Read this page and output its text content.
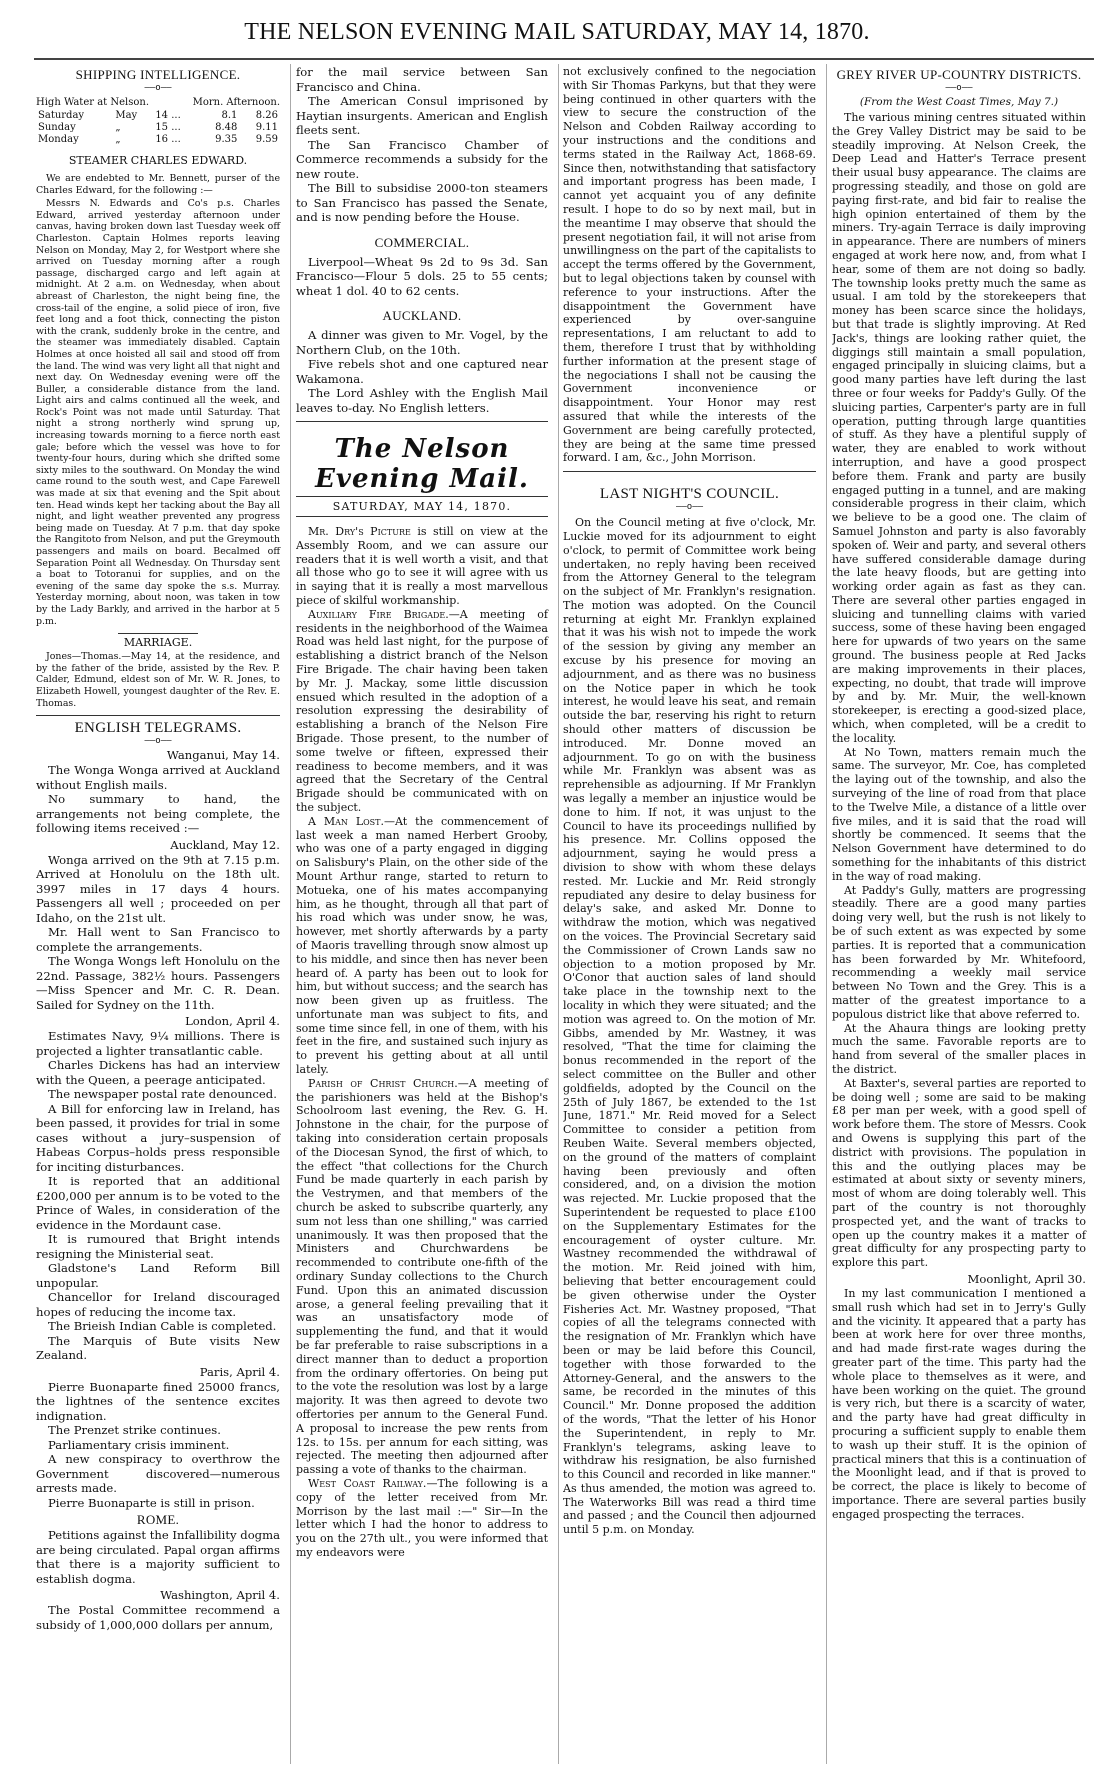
THE NELSON EVENING MAIL SATURDAY, MAY 14, 1870.
SHIPPING INTELLIGENCE.
——o——
High Water at Nelson.	Morn. Afternoon.
Saturday	May	14 ...	8.1	8.26
Sunday	„	15 ...	8.48	9.11
Monday	„	16 ...	9.35	9.59
STEAMER CHARLES EDWARD.

We are endebted to Mr. Bennett, purser of the Charles Edward, for the following :—

Messrs N. Edwards and Co's p.s. Charles Edward, arrived yesterday afternoon under canvas, having broken down last Tuesday week off Charleston. Captain Holmes reports leaving Nelson on Monday, May 2, for Westport where she arrived on Tuesday morning after a rough passage, discharged cargo and left again at midnight. At 2 a.m. on Wednesday, when about abreast of Charleston, the night being fine, the cross-tail of the engine, a solid piece of iron, five feet long and a foot thick, connecting the piston with the crank, suddenly broke in the centre, and the steamer was immediately disabled. Captain Holmes at once hoisted all sail and stood off from the land. The wind was very light all that night and next day. On Wednesday evening were off the Buller, a considerable distance from the land. Light airs and calms continued all the week, and Rock's Point was not made until Saturday. That night a strong northerly wind sprung up, increasing towards morning to a fierce north east gale; before which the vessel was hove to for twenty-four hours, during which she drifted some sixty miles to the southward. On Monday the wind came round to the south west, and Cape Farewell was made at six that evening and the Spit about ten. Head winds kept her tacking about the Bay all night, and light weather prevented any progress being made on Tuesday. At 7 p.m. that day spoke the Rangitoto from Nelson, and put the Greymouth passengers and mails on board. Becalmed off Separation Point all Wednesday. On Thursday sent a boat to Totoranui for supplies, and on the evening of the same day spoke the s.s. Murray. Yesterday morning, about noon, was taken in tow by the Lady Barkly, and arrived in the harbor at 5 p.m.

MARRIAGE.

Jones—Thomas.—May 14, at the residence, and by the father of the bride, assisted by the Rev. P. Calder, Edmund, eldest son of Mr. W. R. Jones, to Elizabeth Howell, youngest daughter of the Rev. E. Thomas.

ENGLISH TELEGRAMS.
——o——
Wanganui, May 14.

The Wonga Wonga arrived at Auckland without English mails.

No summary to hand, the arrangements not being complete, the following items received :—

Auckland, May 12.

Wonga arrived on the 9th at 7.15 p.m. Arrived at Honolulu on the 18th ult. 3997 miles in 17 days 4 hours. Passengers all well ; proceeded on per Idaho, on the 21st ult.

Mr. Hall went to San Francisco to complete the arrangements.

The Wonga Wongs left Honolulu on the 22nd. Passage, 382½ hours. Passengers—Miss Spencer and Mr. C. R. Dean. Sailed for Sydney on the 11th.

London, April 4.

Estimates Navy, 9¼ millions. There is projected a lighter transatlantic cable.

Charles Dickens has had an interview with the Queen, a peerage anticipated.

The newspaper postal rate denounced.

A Bill for enforcing law in Ireland, has been passed, it provides for trial in some cases without a jury–suspension of Habeas Corpus–holds press responsible for inciting disturbances.

It is reported that an additional £200,000 per annum is to be voted to the Prince of Wales, in consideration of the evidence in the Mordaunt case.

It is rumoured that Bright intends resigning the Ministerial seat.

Gladstone's Land Reform Bill unpopular.

Chancellor for Ireland discouraged hopes of reducing the income tax.

The Brieish Indian Cable is completed.

The Marquis of Bute visits New Zealand.

Paris, April 4.

Pierre Buonaparte fined 25000 francs, the lightnes of the sentence excites indignation.

The Prenzet strike continues.

Parliamentary crisis imminent.

A new conspiracy to overthrow the Government discovered—numerous arrests made.

Pierre Buonaparte is still in prison.

ROME.

Petitions against the Infallibility dogma are being circulated. Papal organ affirms that there is a majority sufficient to establish dogma.

Washington, April 4.

The Postal Committee recommend a subsidy of 1,000,000 dollars per annum,

for the mail service between San Francisco and China.

The American Consul imprisoned by Haytian insurgents. American and English fleets sent.

The San Francisco Chamber of Commerce recommends a subsidy for the new route.

The Bill to subsidise 2000-ton steamers to San Francisco has passed the Senate, and is now pending before the House.

COMMERCIAL.

Liverpool—Wheat 9s 2d to 9s 3d. San Francisco—Flour 5 dols. 25 to 55 cents; wheat 1 dol. 40 to 62 cents.

AUCKLAND.

A dinner was given to Mr. Vogel, by the Northern Club, on the 10th.

Five rebels shot and one captured near Wakamona.

The Lord Ashley with the English Mail leaves to-day. No English letters.

The Nelson Evening Mail.
SATURDAY, MAY 14, 1870.

Mr. Dry's Picture is still on view at the Assembly Room, and we can assure our readers that it is well worth a visit, and that all those who go to see it will agree with us in saying that it is really a most marvellous piece of skilful workmanship.

Auxiliary Fire Brigade.—A meeting of residents in the neighborhood of the Waimea Road was held last night, for the purpose of establishing a district branch of the Nelson Fire Brigade. The chair having been taken by Mr. J. Mackay, some little discussion ensued which resulted in the adoption of a resolution expressing the desirability of establishing a branch of the Nelson Fire Brigade. Those present, to the number of some twelve or fifteen, expressed their readiness to become members, and it was agreed that the Secretary of the Central Brigade should be communicated with on the subject.

A Man Lost.—At the commencement of last week a man named Herbert Grooby, who was one of a party engaged in digging on Salisbury's Plain, on the other side of the Mount Arthur range, started to return to Motueka, one of his mates accompanying him, as he thought, through all that part of his road which was under snow, he was, however, met shortly afterwards by a party of Maoris travelling through snow almost up to his middle, and since then has never been heard of. A party has been out to look for him, but without success; and the search has now been given up as fruitless. The unfortunate man was subject to fits, and some time since fell, in one of them, with his feet in the fire, and sustained such injury as to prevent his getting about at all until lately.

Parish of Christ Church.—A meeting of the parishioners was held at the Bishop's Schoolroom last evening, the Rev. G. H. Johnstone in the chair, for the purpose of taking into consideration certain proposals of the Diocesan Synod, the first of which, to the effect "that collections for the Church Fund be made quarterly in each parish by the Vestrymen, and that members of the church be asked to subscribe quarterly, any sum not less than one shilling," was carried unanimously. It was then proposed that the Ministers and Churchwardens be recommended to contribute one-fifth of the ordinary Sunday collections to the Church Fund. Upon this an animated discussion arose, a general feeling prevailing that it was an unsatisfactory mode of supplementing the fund, and that it would be far preferable to raise subscriptions in a direct manner than to deduct a proportion from the ordinary offertories. On being put to the vote the resolution was lost by a large majority. It was then agreed to devote two offertories per annum to the General Fund. A proposal to increase the pew rents from 12s. to 15s. per annum for each sitting, was rejected. The meeting then adjourned after passing a vote of thanks to the chairman.

West Coast Railway.—The following is a copy of the letter received from Mr. Morrison by the last mail :—" Sir—In the letter which I had the honor to address to you on the 27th ult., you were informed that my endeavors were

not exclusively confined to the negociation with Sir Thomas Parkyns, but that they were being continued in other quarters with the view to secure the construction of the Nelson and Cobden Railway according to your instructions and the conditions and terms stated in the Railway Act, 1868-69. Since then, notwithstanding that satisfactory and important progress has been made, I cannot yet acquaint you of any definite result. I hope to do so by next mail, but in the meantime I may observe that should the present negotiation fail, it will not arise from unwillingness on the part of the capitalists to accept the terms offered by the Government, but to legal objections taken by counsel with reference to your instructions. After the disappointment the Government have experienced by over-sanguine representations, I am reluctant to add to them, therefore I trust that by withholding further information at the present stage of the negociations I shall not be causing the Government inconvenience or disappointment. Your Honor may rest assured that while the interests of the Government are being carefully protected, they are being at the same time pressed forward. I am, &c., John Morrison.

LAST NIGHT'S COUNCIL.
——o——

On the Council meting at five o'clock, Mr. Luckie moved for its adjournment to eight o'clock, to permit of Committee work being undertaken, no reply having been received from the Attorney General to the telegram on the subject of Mr. Franklyn's resignation. The motion was adopted. On the Council returning at eight Mr. Franklyn explained that it was his wish not to impede the work of the session by giving any member an excuse by his presence for moving an adjournment, and as there was no business on the Notice paper in which he took interest, he would leave his seat, and remain outside the bar, reserving his right to return should other matters of discussion be introduced. Mr. Donne moved an adjournment. To go on with the business while Mr. Franklyn was absent was as reprehensible as adjourning. If Mr Franklyn was legally a member an injustice would be done to him. If not, it was unjust to the Council to have its proceedings nullified by his presence. Mr. Collins opposed the adjournment, saying he would press a division to show with whom these delays rested. Mr. Luckie and Mr. Reid strongly repudiated any desire to delay business for delay's sake, and asked Mr. Donne to withdraw the motion, which was negatived on the voices. The Provincial Secretary said the Commissioner of Crown Lands saw no objection to a motion proposed by Mr. O'Conor that auction sales of land should take place in the township next to the locality in which they were situated; and the motion was agreed to. On the motion of Mr. Gibbs, amended by Mr. Wastney, it was resolved, "That the time for claiming the bonus recommended in the report of the select committee on the Buller and other goldfields, adopted by the Council on the 25th of July 1867, be extended to the 1st June, 1871." Mr. Reid moved for a Select Committee to consider a petition from Reuben Waite. Several members objected, on the ground of the matters of complaint having been previously and often considered, and, on a division the motion was rejected. Mr. Luckie proposed that the Superintendent be requested to place £100 on the Supplementary Estimates for the encouragement of oyster culture. Mr. Wastney recommended the withdrawal of the motion. Mr. Reid joined with him, believing that better encouragement could be given otherwise under the Oyster Fisheries Act. Mr. Wastney proposed, "That copies of all the telegrams connected with the resignation of Mr. Franklyn which have been or may be laid before this Council, together with those forwarded to the Attorney-General, and the answers to the same, be recorded in the minutes of this Council." Mr. Donne proposed the addition of the words, "That the letter of his Honor the Superintendent, in reply to Mr. Franklyn's telegrams, asking leave to withdraw his resignation, be also furnished to this Council and recorded in like manner." As thus amended, the motion was agreed to. The Waterworks Bill was read a third time and passed ; and the Council then adjourned until 5 p.m. on Monday.

GREY RIVER UP-COUNTRY DISTRICTS.
——o——
(From the West Coast Times, May 7.)

The various mining centres situated within the Grey Valley District may be said to be steadily improving. At Nelson Creek, the Deep Lead and Hatter's Terrace present their usual busy appearance. The claims are progressing steadily, and those on gold are paying first-rate, and bid fair to realise the high opinion entertained of them by the miners. Try-again Terrace is daily improving in appearance. There are numbers of miners engaged at work here now, and, from what I hear, some of them are not doing so badly. The township looks pretty much the same as usual. I am told by the storekeepers that money has been scarce since the holidays, but that trade is slightly improving. At Red Jack's, things are looking rather quiet, the diggings still maintain a small population, engaged principally in sluicing claims, but a good many parties have left during the last three or four weeks for Paddy's Gully. Of the sluicing parties, Carpenter's party are in full operation, putting through large quantities of stuff. As they have a plentiful supply of water, they are enabled to work without interruption, and have a good prospect before them. Frank and party are busily engaged putting in a tunnel, and are making considerable progress in their claim, which we believe to be a good one. The claim of Samuel Johnston and party is also favorably spoken of. Weir and party, and several others have suffered considerable damage during the late heavy floods, but are getting into working order again as fast as they can. There are several other parties engaged in sluicing and tunnelling claims with varied success, some of these having been engaged here for upwards of two years on the same ground. The business people at Red Jacks are making improvements in their places, expecting, no doubt, that trade will improve by and by. Mr. Muir, the well-known storekeeper, is erecting a good-sized place, which, when completed, will be a credit to the locality.

At No Town, matters remain much the same. The surveyor, Mr. Coe, has completed the laying out of the township, and also the surveying of the line of road from that place to the Twelve Mile, a distance of a little over five miles, and it is said that the road will shortly be commenced. It seems that the Nelson Government have determined to do something for the inhabitants of this district in the way of road making.

At Paddy's Gully, matters are progressing steadily. There are a good many parties doing very well, but the rush is not likely to be of such extent as was expected by some parties. It is reported that a communication has been forwarded by Mr. Whitefoord, recommending a weekly mail service between No Town and the Grey. This is a matter of the greatest importance to a populous district like that above referred to.

At the Ahaura things are looking pretty much the same. Favorable reports are to hand from several of the smaller places in the district.

At Baxter's, several parties are reported to be doing well ; some are said to be making £8 per man per week, with a good spell of work before them. The store of Messrs. Cook and Owens is supplying this part of the district with provisions. The population in this and the outlying places may be estimated at about sixty or seventy miners, most of whom are doing tolerably well. This part of the country is not thoroughly prospected yet, and the want of tracks to open up the country makes it a matter of great difficulty for any prospecting party to explore this part.

Moonlight, April 30.

In my last communication I mentioned a small rush which had set in to Jerry's Gully and the vicinity. It appeared that a party has been at work here for over three months, and had made first-rate wages during the greater part of the time. This party had the whole place to themselves as it were, and have been working on the quiet. The ground is very rich, but there is a scarcity of water, and the party have had great difficulty in procuring a sufficient supply to enable them to wash up their stuff. It is the opinion of practical miners that this is a continuation of the Moonlight lead, and if that is proved to be correct, the place is likely to become of importance. There are several parties busily engaged prospecting the terraces.
